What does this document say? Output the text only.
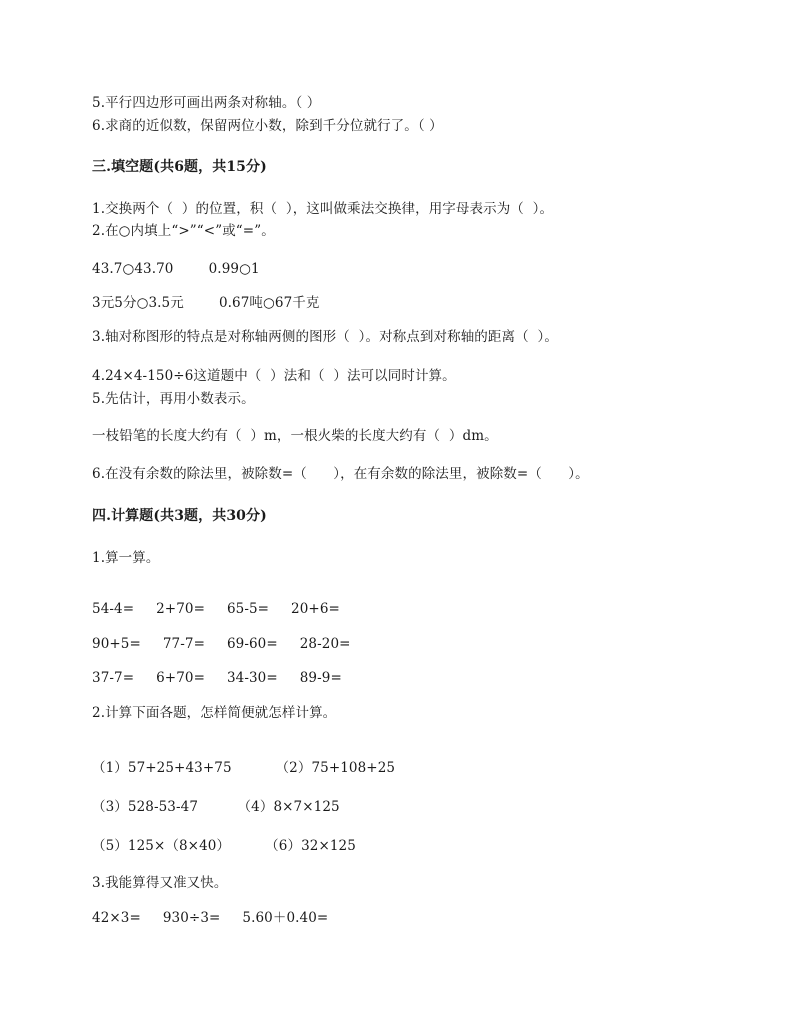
5.平行四边形可画出两条对称轴。（ ）
6.求商的近似数，保留两位小数，除到千分位就行了。（ ）
三.填空题(共6题，共15分)
1.交换两个（  ）的位置，积（  ），这叫做乘法交换律，用字母表示为（  ）。
2.在○内填上“>”“<”或“=”。
43.7○43.70        0.99○1
3元5分○3.5元        0.67吨○67千克
3.轴对称图形的特点是对称轴两侧的图形（  ）。对称点到对称轴的距离（  ）。
4.24×4-150÷6这道题中（  ）法和（  ）法可以同时计算。
5.先估计，再用小数表示。
一枝铅笔的长度大约有（  ）m，一根火柴的长度大约有（  ）dm。
6.在没有余数的除法里，被除数=（      ），在有余数的除法里，被除数=（      ）。
四.计算题(共3题，共30分)
1.算一算。
54-4=     2+70=     65-5=     20+6=
90+5=     77-7=     69-60=     28-20=
37-7=     6+70=     34-30=     89-9=
2.计算下面各题，怎样简便就怎样计算。
（1）57+25+43+75          （2）75+108+25
（3）528-53-47         （4）8×7×125
（5）125×（8×40）        （6）32×125
3.我能算得又准又快。
42×3=     930÷3=     5.60＋0.40=
